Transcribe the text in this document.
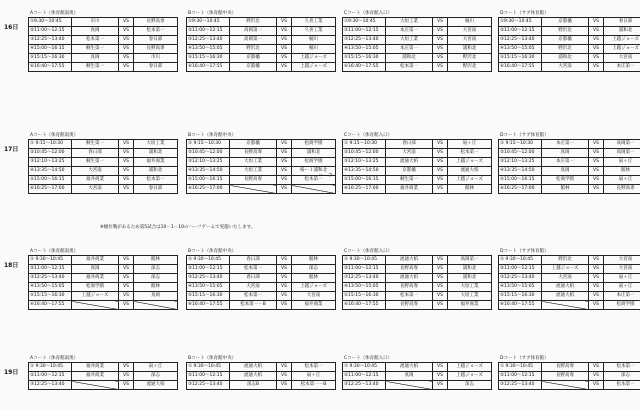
16日
Aコート（体育館南奥）
①9:30〜10:45	市川	VS	長野高専
②11:00〜12:15	真岡	VS	松本第一
③12:25〜13:40	松本第一	VS	春日部
④15:00〜16:15	桐生第一	VS	長野高専
⑤15:15〜16:30	真岡	VS	市川
⑥16:40〜17:55	桐生第一	VS	春日部
Bコート（体育館中央）
①9:30〜10:45	野沢北	VS	久喜工業
②11:00〜12:15	高岡第一	VS	久喜工業
③12:25〜13:40	高岡第一	VS	桶川
④13:50〜15:05	野沢北	VS	桶川
⑤15:15〜16:30	京都橘	VS	上越ジョーズ
⑥16:40〜17:55	京都橘	VS	上越ジョーズ
Cコート（体育館入口）
①9:30〜10:45	大垣工業	VS	桶川
②11:00〜12:15	本庄第一	VS	大宮南
③12:25〜13:40	大垣工業	VS	大宮南
④13:50〜15:05	本庄第一	VS	浦和北
⑤15:15〜16:30	浦和北	VS	野沢北
⑥16:40〜17:55	松本第一	VS	野沢北
Dコート（サブ体育館）
①9:30〜10:45	京都橘	VS	春日部
②11:00〜12:15	野沢北	VS	浦和北
③12:25〜13:40	京都橘	VS	上越ジョーズ
④13:50〜15:05	野沢北	VS	上越ジョーズ
⑤15:15〜16:30	浦和北	VS	大宮南
⑥16:40〜17:55	大宮南	VS	本庄第一
17日
Aコート（体育館南奥）
① 9:15〜10:30	桐生第一	VS	大垣工業
②10:45〜12:00	春日部	VS	浦和北
③12:10〜13:25	桐生第一	VS	福井商業
④13:35〜14:50	大宮南	VS	浦和北
⑤15:00〜16:15	福井商業	VS	松本第一
⑥16:25〜17:00	大宮南	VS	春日部
Bコート（体育館中央）
① 9:15〜10:30	京都橘	VS	松商学園
②10:45〜12:00	長野高専	VS	浦和北
③12:10〜13:25	大垣工業	VS	松商学園
④13:35〜14:50	大垣工業	VS	桜ー１浦和北
⑤15:00〜16:15	長野高専	VS	松本第一
⑥16:25〜17:00		VS	
Cコート（体育館入口）
① 9:15〜10:30	春日部	VS	扇ヶ丘
②10:45〜12:00	大宮南	VS	松本第一
③12:10〜13:25	流通大柏	VS	上越ジョーズ
④13:35〜14:50	京都橘	VS	流通大柏
⑤15:00〜16:15	桐生第一	VS	上越ジョーズ
⑥16:25〜17:00	福井商業	VS	館林
Dコート（サブ体育館）
① 9:15〜10:30	本庄第一	VS	高岡第一
②10:45〜12:00	真岡	VS	高岡第一
③12:10〜13:25	本庄第一	VS	扇ヶ丘
④13:35〜14:50	真岡	VS	館林
⑤15:00〜16:15	松商学園	VS	扇ヶ丘
⑥16:25〜17:00	館林	VS	長野高専
18日
Aコート（体育館南奥）
① 9:30〜10:45	福井商業	VS	館林
②11:00〜12:15	真岡	VS	深志
③12:25〜13:40	福井商業	VS	深志
④13:50〜15:05	松商学園	VS	館林
⑤15:15〜16:30	上越ジョーズ	VS	真岡
⑥16:40〜17:55		VS	
Bコート（体育館中央）
① 9:30〜10:45	春日部	VS	館林
②11:00〜12:15	松本第一	VS	深志
③12:25〜13:40	春日部	VS	館林
④13:50〜15:05	大宮南	VS	上越ジョーズ
⑤15:15〜16:30	松本第一	VS	大宮南
⑥16:40〜17:55	松本第一－B	VS	福井商業
Cコート（体育館入口）
① 9:30〜10:45	流通大柏	VS	高岡第一
②11:00〜12:15	長野高専	VS	浦和北
③12:25〜13:40	流通大柏	VS	浦和北
④13:50〜15:05	長野高専	VS	大垣工業
⑤15:15〜16:30	松本第一	VS	大垣工業
⑥16:40〜17:55	長野高専	VS	福井商業
Dコート（サブ体育館）
① 9:30〜10:45	野沢北	VS	大宮南
②11:00〜12:15	上越ジョーズ	VS	大宮南
③12:25〜13:40	大宮南	VS	扇ヶ丘
④13:50〜15:05	流通大柏	VS	扇ヶ丘
⑤15:15〜16:30	流通大柏	VS	本庄第一
⑥16:40〜17:55		VS	松商学園
19日
Aコート（体育館南奥）
① 9:30〜10:45	福井商業	VS	扇ヶ丘
②11:00〜12:15	福井商業	VS	深志
③12:25〜13:40		VS	流通大柏
Bコート（体育館中央）
① 9:30〜10:45	流通大柏	VS	松本第一
②11:00〜12:15	流通大柏	VS	扇ヶ丘
③12:25〜13:40	深志B	VS	松本第一－B
Cコート（体育館入口）
① 9:30〜10:45	流通大柏	VS	上越ジョーズ
②11:00〜12:15	真岡	VS	上越ジョーズ
③12:25〜13:40		VS	深志
Dコート（サブ体育館）
① 9:30〜10:45	長野高専	VS	松本第一
②11:00〜12:15	長野高専	VS	深志
③12:25〜13:40		VS	松本第一
※順位戦があるため第5試合は10－1－10のハーフゲームで実施いたします。
ハーフ
